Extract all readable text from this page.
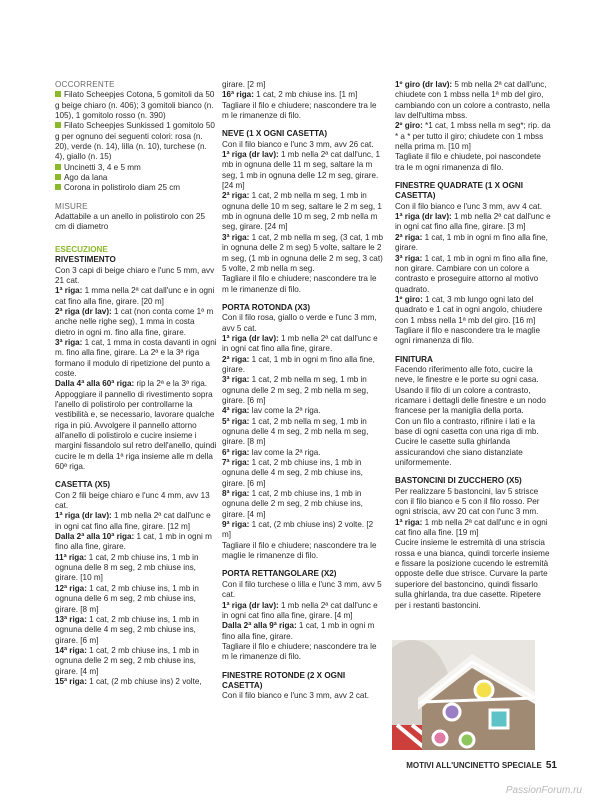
OCCORRENTE

Filato Scheepjes Cotona, 5 gomitoli da 50 g beige chiaro (n. 406); 3 gomitoli bianco (n. 105), 1 gomitolo rosso (n. 390)

Filato Scheepjes Sunkissed 1 gomitolo 50 g per ognuno dei seguenti colori: rosa (n. 20), verde (n. 14), lilla (n. 10), turchese (n. 4), giallo (n. 15)

Uncinetti 3, 4 e 5 mm

Ago da lana

Corona in polistirolo diam 25 cm

MISURE

Adattabile a un anello in polistirolo con 25 cm di diametro

ESECUZIONE

RIVESTIMENTO

Con 3 capi di beige chiaro e l'unc 5 mm, avv 21 cat.

1ª riga: 1 mma nella 2ª cat dall'unc e in ogni cat fino alla fine, girare. [20 m]

2ª riga (dr lav): 1 cat (non conta come 1ª m anche nelle righe seg), 1 mma in costa dietro in ogni m. fino alla fine, girare.

3ª riga: 1 cat, 1 mma in costa davanti in ogni m. fino alla fine, girare. La 2ª e la 3ª riga formano il modulo di ripetizione del punto a coste.

Dalla 4ª alla 60ª riga: rip la 2ª e la 3ª riga. Appoggiare il pannello di rivestimento sopra l'anello di polistirolo per controllarne la vestibilità e, se necessario, lavorare qualche riga in più. Avvolgere il pannello attorno all'anello di polistirolo e cucire insieme i margini fissandolo sul retro dell'anello, quindi cucire le m della 1ª riga insieme alle m della 60ª riga.

CASETTA (X5)

Con 2 fili beige chiaro e l'unc 4 mm, avv 13 cat.

1ª riga (dr lav): 1 mb nella 2ª cat dall'unc e in ogni cat fino alla fine, girare. [12 m]

Dalla 2ª alla 10ª riga: 1 cat, 1 mb in ogni m fino alla fine, girare.

11ª riga: 1 cat, 2 mb chiuse ins, 1 mb in ognuna delle 8 m seg, 2 mb chiuse ins, girare. [10 m]

12ª riga: 1 cat, 2 mb chiuse ins, 1 mb in ognuna delle 6 m seg, 2 mb chiuse ins, girare. [8 m]

13ª riga: 1 cat, 2 mb chiuse ins, 1 mb in ognuna delle 4 m seg, 2 mb chiuse ins, girare. [6 m]

14ª riga: 1 cat, 2 mb chiuse ins, 1 mb in ognuna delle 2 m seg, 2 mb chiuse ins, girare. [4 m]

15ª riga: 1 cat, (2 mb chiuse ins) 2 volte,

girare. [2 m]

16ª riga: 1 cat, 2 mb chiuse ins. [1 m]

Tagliare il filo e chiudere; nascondere tra le m le rimanenze di filo.

NEVE (1 X OGNI CASETTA)

Con il filo bianco e l'unc 3 mm, avv 26 cat.

1ª riga (dr lav): 1 mb nella 2ª cat dall'unc, 1 mb in ognuna delle 11 m seg, saltare la m seg, 1 mb in ognuna delle 12 m seg, girare. [24 m]

2ª riga: 1 cat, 2 mb nella m seg, 1 mb in ognuna delle 10 m seg, saltare le 2 m seg, 1 mb in ognuna delle 10 m seg, 2 mb nella m seg, girare. [24 m]

3ª riga: 1 cat, 2 mb nella m seg, (3 cat, 1 mb in ognuna delle 2 m seg) 5 volte, saltare le 2 m seg, (1 mb in ognuna delle 2 m seg, 3 cat) 5 volte, 2 mb nella m seg.

Tagliare il filo e chiudere; nascondere tra le m le rimanenze di filo.

PORTA ROTONDA (X3)

Con il filo rosa, giallo o verde e l'unc 3 mm, avv 5 cat.

1ª riga (dr lav): 1 mb nella 2ª cat dall'unc e in ogni cat fino alla fine, girare.

2ª riga: 1 cat, 1 mb in ogni m fino alla fine, girare.

3ª riga: 1 cat, 2 mb nella m seg, 1 mb in ognuna delle 2 m seg, 2 mb nella m seg, girare. [6 m]

4ª riga: lav come la 2ª riga.

5ª riga: 1 cat, 2 mb nella m seg, 1 mb in ognuna delle 4 m seg, 2 mb nella m seg, girare. [8 m]

6ª riga: lav come la 2ª riga.

7ª riga: 1 cat, 2 mb chiuse ins, 1 mb in ognuna delle 4 m seg, 2 mb chiuse ins, girare. [6 m]

8ª riga: 1 cat, 2 mb chiuse ins, 1 mb in ognuna delle 2 m seg, 2 mb chiuse ins, girare. [4 m]

9ª riga: 1 cat, (2 mb chiuse ins) 2 volte. [2 m]

Tagliare il filo e chiudere; nascondere tra le maglie le rimanenze di filo.

PORTA RETTANGOLARE (X2)

Con il filo turchese o lilla e l'unc 3 mm, avv 5 cat.

1ª riga (dr lav): 1 mb nella 2ª cat dall'unc e in ogni cat fino alla fine, girare. [4 m]

Dalla 2ª alla 9ª riga: 1 cat, 1 mb in ogni m fino alla fine, girare.

Tagliare il filo e chiudere; nascondere tra le m le rimanenze di filo.

FINESTRE ROTONDE (2 X OGNI CASETTA)

Con il filo bianco e l'unc 3 mm, avv 2 cat.

1º giro (dr lav): 5 mb nella 2ª cat dall'unc, chiudete con 1 mbss nella 1ª mb del giro, cambiando con un colore a contrasto, nella lav dell'ultima mbss.

2º giro: *1 cat, 1 mbss nella m seg*; rip. da * a * per tutto il giro; chiudete con 1 mbss nella prima m. [10 m]

Tagliate il filo e chiudete, poi nascondete tra le m ogni rimanenza di filo.

FINESTRE QUADRATE (1 X OGNI CASETTA)

Con il filo bianco e l'unc 3 mm, avv 4 cat.

1ª riga (dr lav): 1 mb nella 2ª cat dall'unc e in ogni cat fino alla fine, girare. [3 m]

2ª riga: 1 cat, 1 mb in ogni m fino alla fine, girare.

3ª riga: 1 cat, 1 mb in ogni m fino alla fine, non girare. Cambiare con un colore a contrasto e proseguire attorno al motivo quadrato.

1º giro: 1 cat, 3 mb lungo ogni lato del quadrato e 1 cat in ogni angolo, chiudere con 1 mbss nella 1ª mb del giro. [16 m]

Tagliare il filo e nascondere tra le maglie ogni rimanenza di filo.

FINITURA

Facendo riferimento alle foto, cucire la neve, le finestre e le porte su ogni casa. Usando il filo di un colore a contrasto, ricamare i dettagli delle finestre e un nodo francese per la maniglia della porta.

Con un filo a contrasto, rifinire i lati e la base di ogni casetta con una riga di mb.

Cucire le casette sulla ghirlanda assicurandovi che siano distanziate uniformemente.

BASTONCINI DI ZUCCHERO (X5)

Per realizzare 5 bastoncini, lav 5 strisce con il filo bianco e 5 con il filo rosso. Per ogni striscia, avv 20 cat con l'unc 3 mm.

1ª riga: 1 mb nella 2ª cat dall'unc e in ogni cat fino alla fine. [19 m]

Cucire insieme le estremità di una striscia rossa e una bianca, quindi torcerle insieme e fissare la posizione cucendo le estremità opposte delle due strisce. Curvare la parte superiore del bastoncino, quindi fissarlo sulla ghirlanda, tra due casette. Ripetere per i restanti bastoncini.

MOTIVI ALL'UNCINETTO SPECIALE 51
PassionForum.ru
